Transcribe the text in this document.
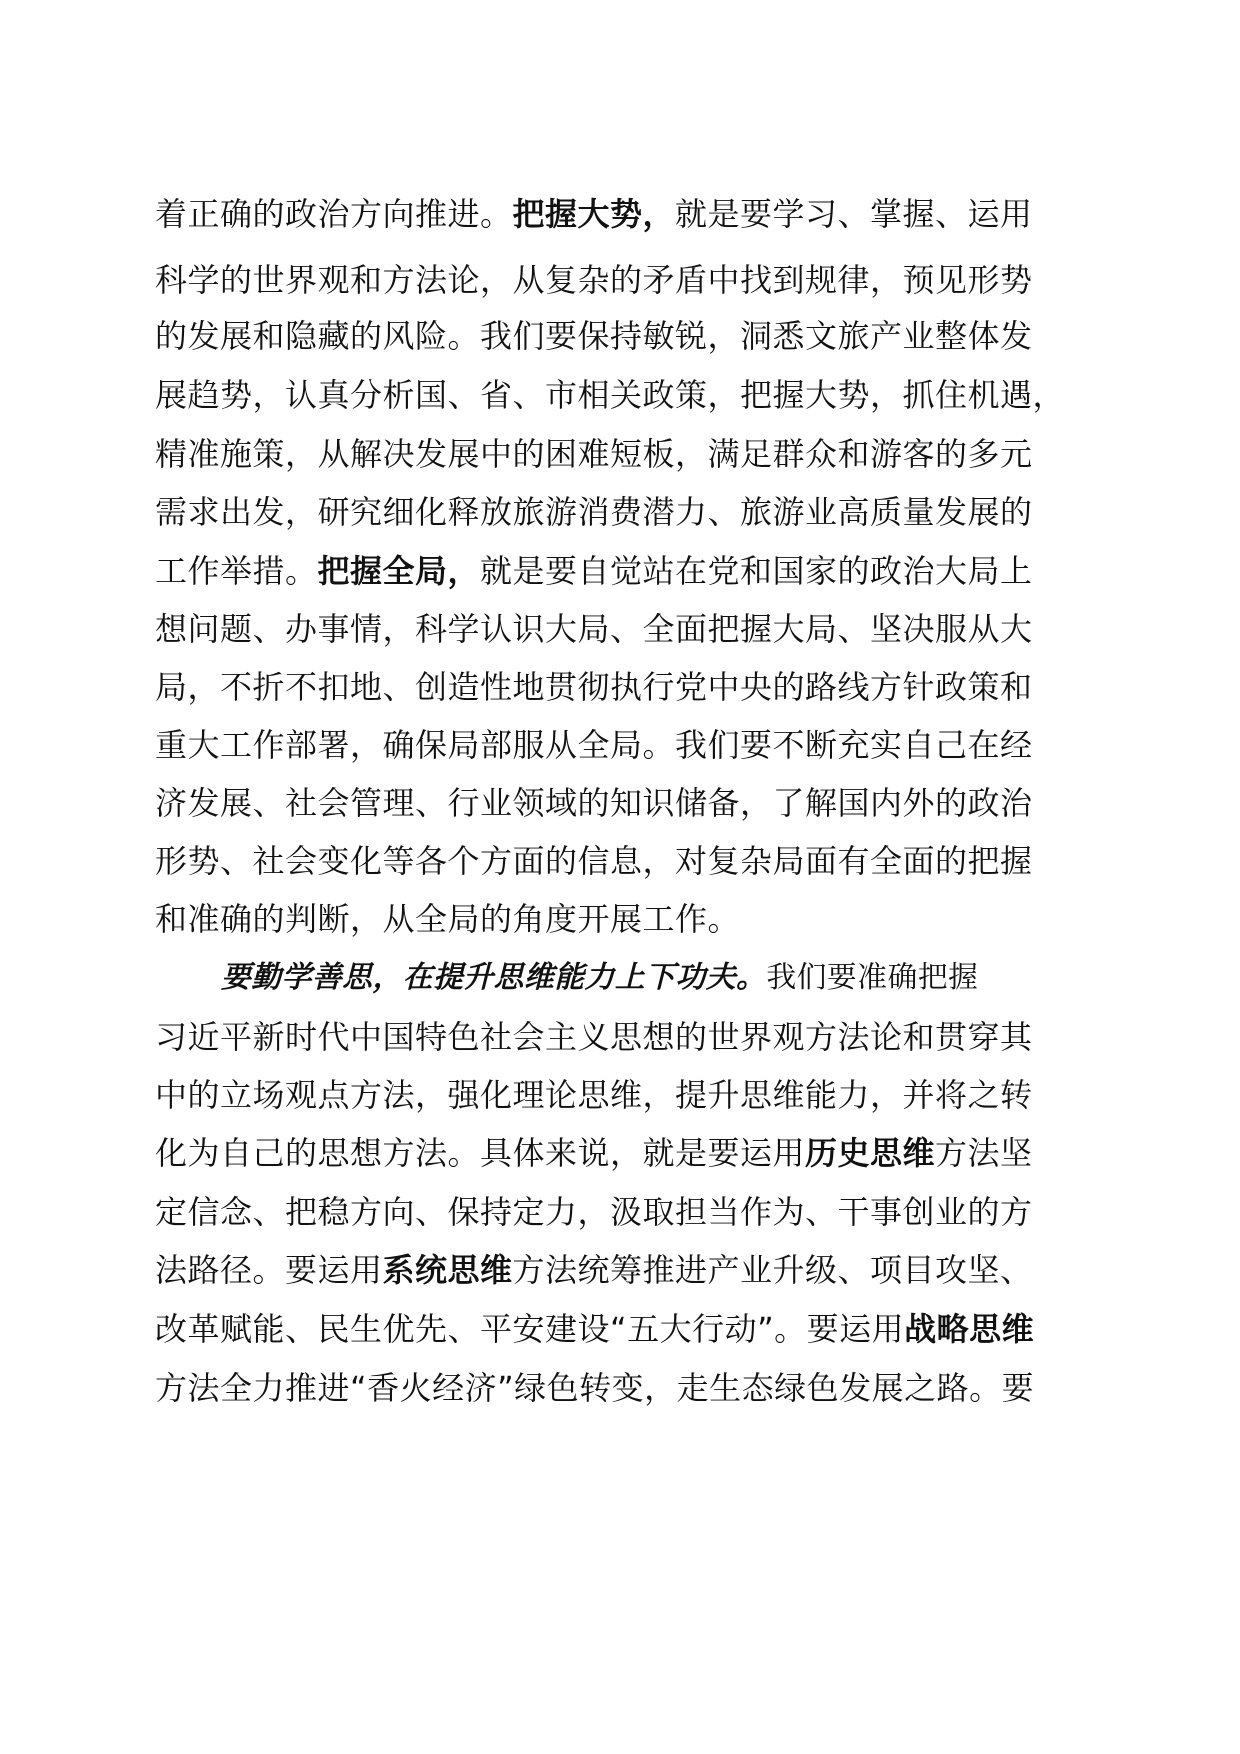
着正确的政治方向推进。把握大势，就是要学习、掌握、运用
科学的世界观和方法论，从复杂的矛盾中找到规律，预见形势
的发展和隐藏的风险。我们要保持敏锐，洞悉文旅产业整体发
展趋势，认真分析国、省、市相关政策，把握大势，抓住机遇，
精准施策，从解决发展中的困难短板，满足群众和游客的多元
需求出发，研究细化释放旅游消费潜力、旅游业高质量发展的
工作举措。把握全局，就是要自觉站在党和国家的政治大局上
想问题、办事情，科学认识大局、全面把握大局、坚决服从大
局，不折不扣地、创造性地贯彻执行党中央的路线方针政策和
重大工作部署，确保局部服从全局。我们要不断充实自己在经
济发展、社会管理、行业领域的知识储备，了解国内外的政治
形势、社会变化等各个方面的信息，对复杂局面有全面的把握
和准确的判断，从全局的角度开展工作。
要勤学善思，在提升思维能力上下功夫。我们要准确把握
习近平新时代中国特色社会主义思想的世界观方法论和贯穿其
中的立场观点方法，强化理论思维，提升思维能力，并将之转
化为自己的思想方法。具体来说，就是要运用历史思维方法坚
定信念、把稳方向、保持定力，汲取担当作为、干事创业的方
法路径。要运用系统思维方法统筹推进产业升级、项目攻坚、
改革赋能、民生优先、平安建设“五大行动”。要运用战略思维
方法全力推进“香火经济”绿色转变，走生态绿色发展之路。要
